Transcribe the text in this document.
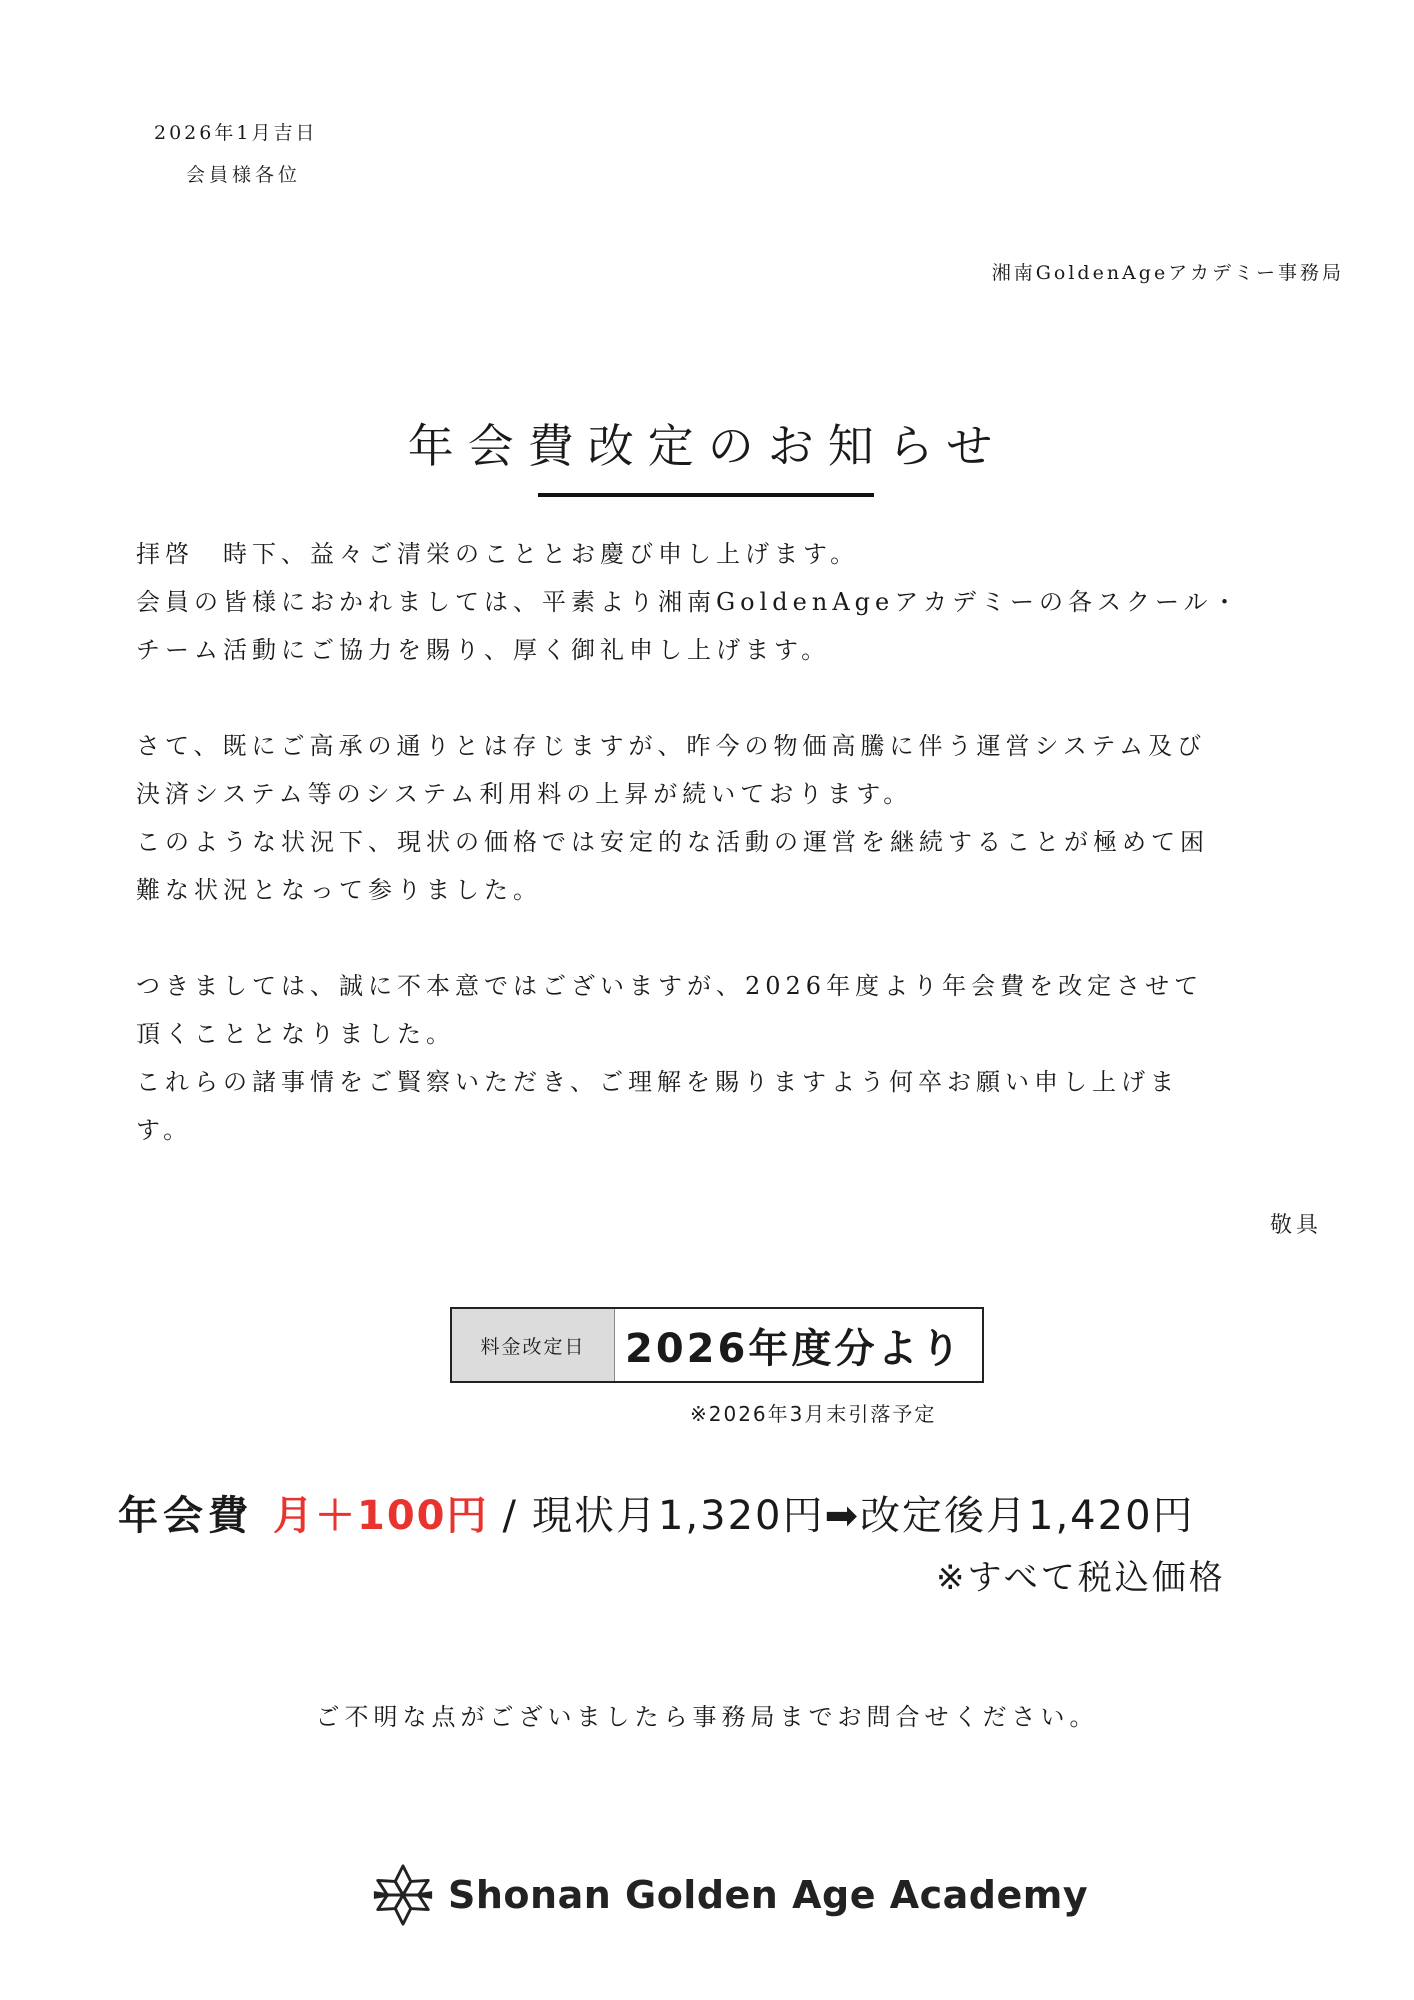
2026年1月吉日
会員様各位
湘南GoldenAgeアカデミー事務局
年会費改定のお知らせ
拝啓　時下、益々ご清栄のこととお慶び申し上げます。
会員の皆様におかれましては、平素より湘南GoldenAgeアカデミーの各スクール・
チーム活動にご協力を賜り、厚く御礼申し上げます。
さて、既にご高承の通りとは存じますが、昨今の物価高騰に伴う運営システム及び
決済システム等のシステム利用料の上昇が続いております。
このような状況下、現状の価格では安定的な活動の運営を継続することが極めて困
難な状況となって参りました。
つきましては、誠に不本意ではございますが、2026年度より年会費を改定させて
頂くこととなりました。
これらの諸事情をご賢察いただき、ご理解を賜りますよう何卒お願い申し上げま
す。
敬具
料金改定日 2026年度分より
※2026年3月末引落予定
年会費 月＋100円 / 現状月1,320円➡改定後月1,420円
※すべて税込価格
ご不明な点がございましたら事務局までお問合せください。
Shonan Golden Age Academy
